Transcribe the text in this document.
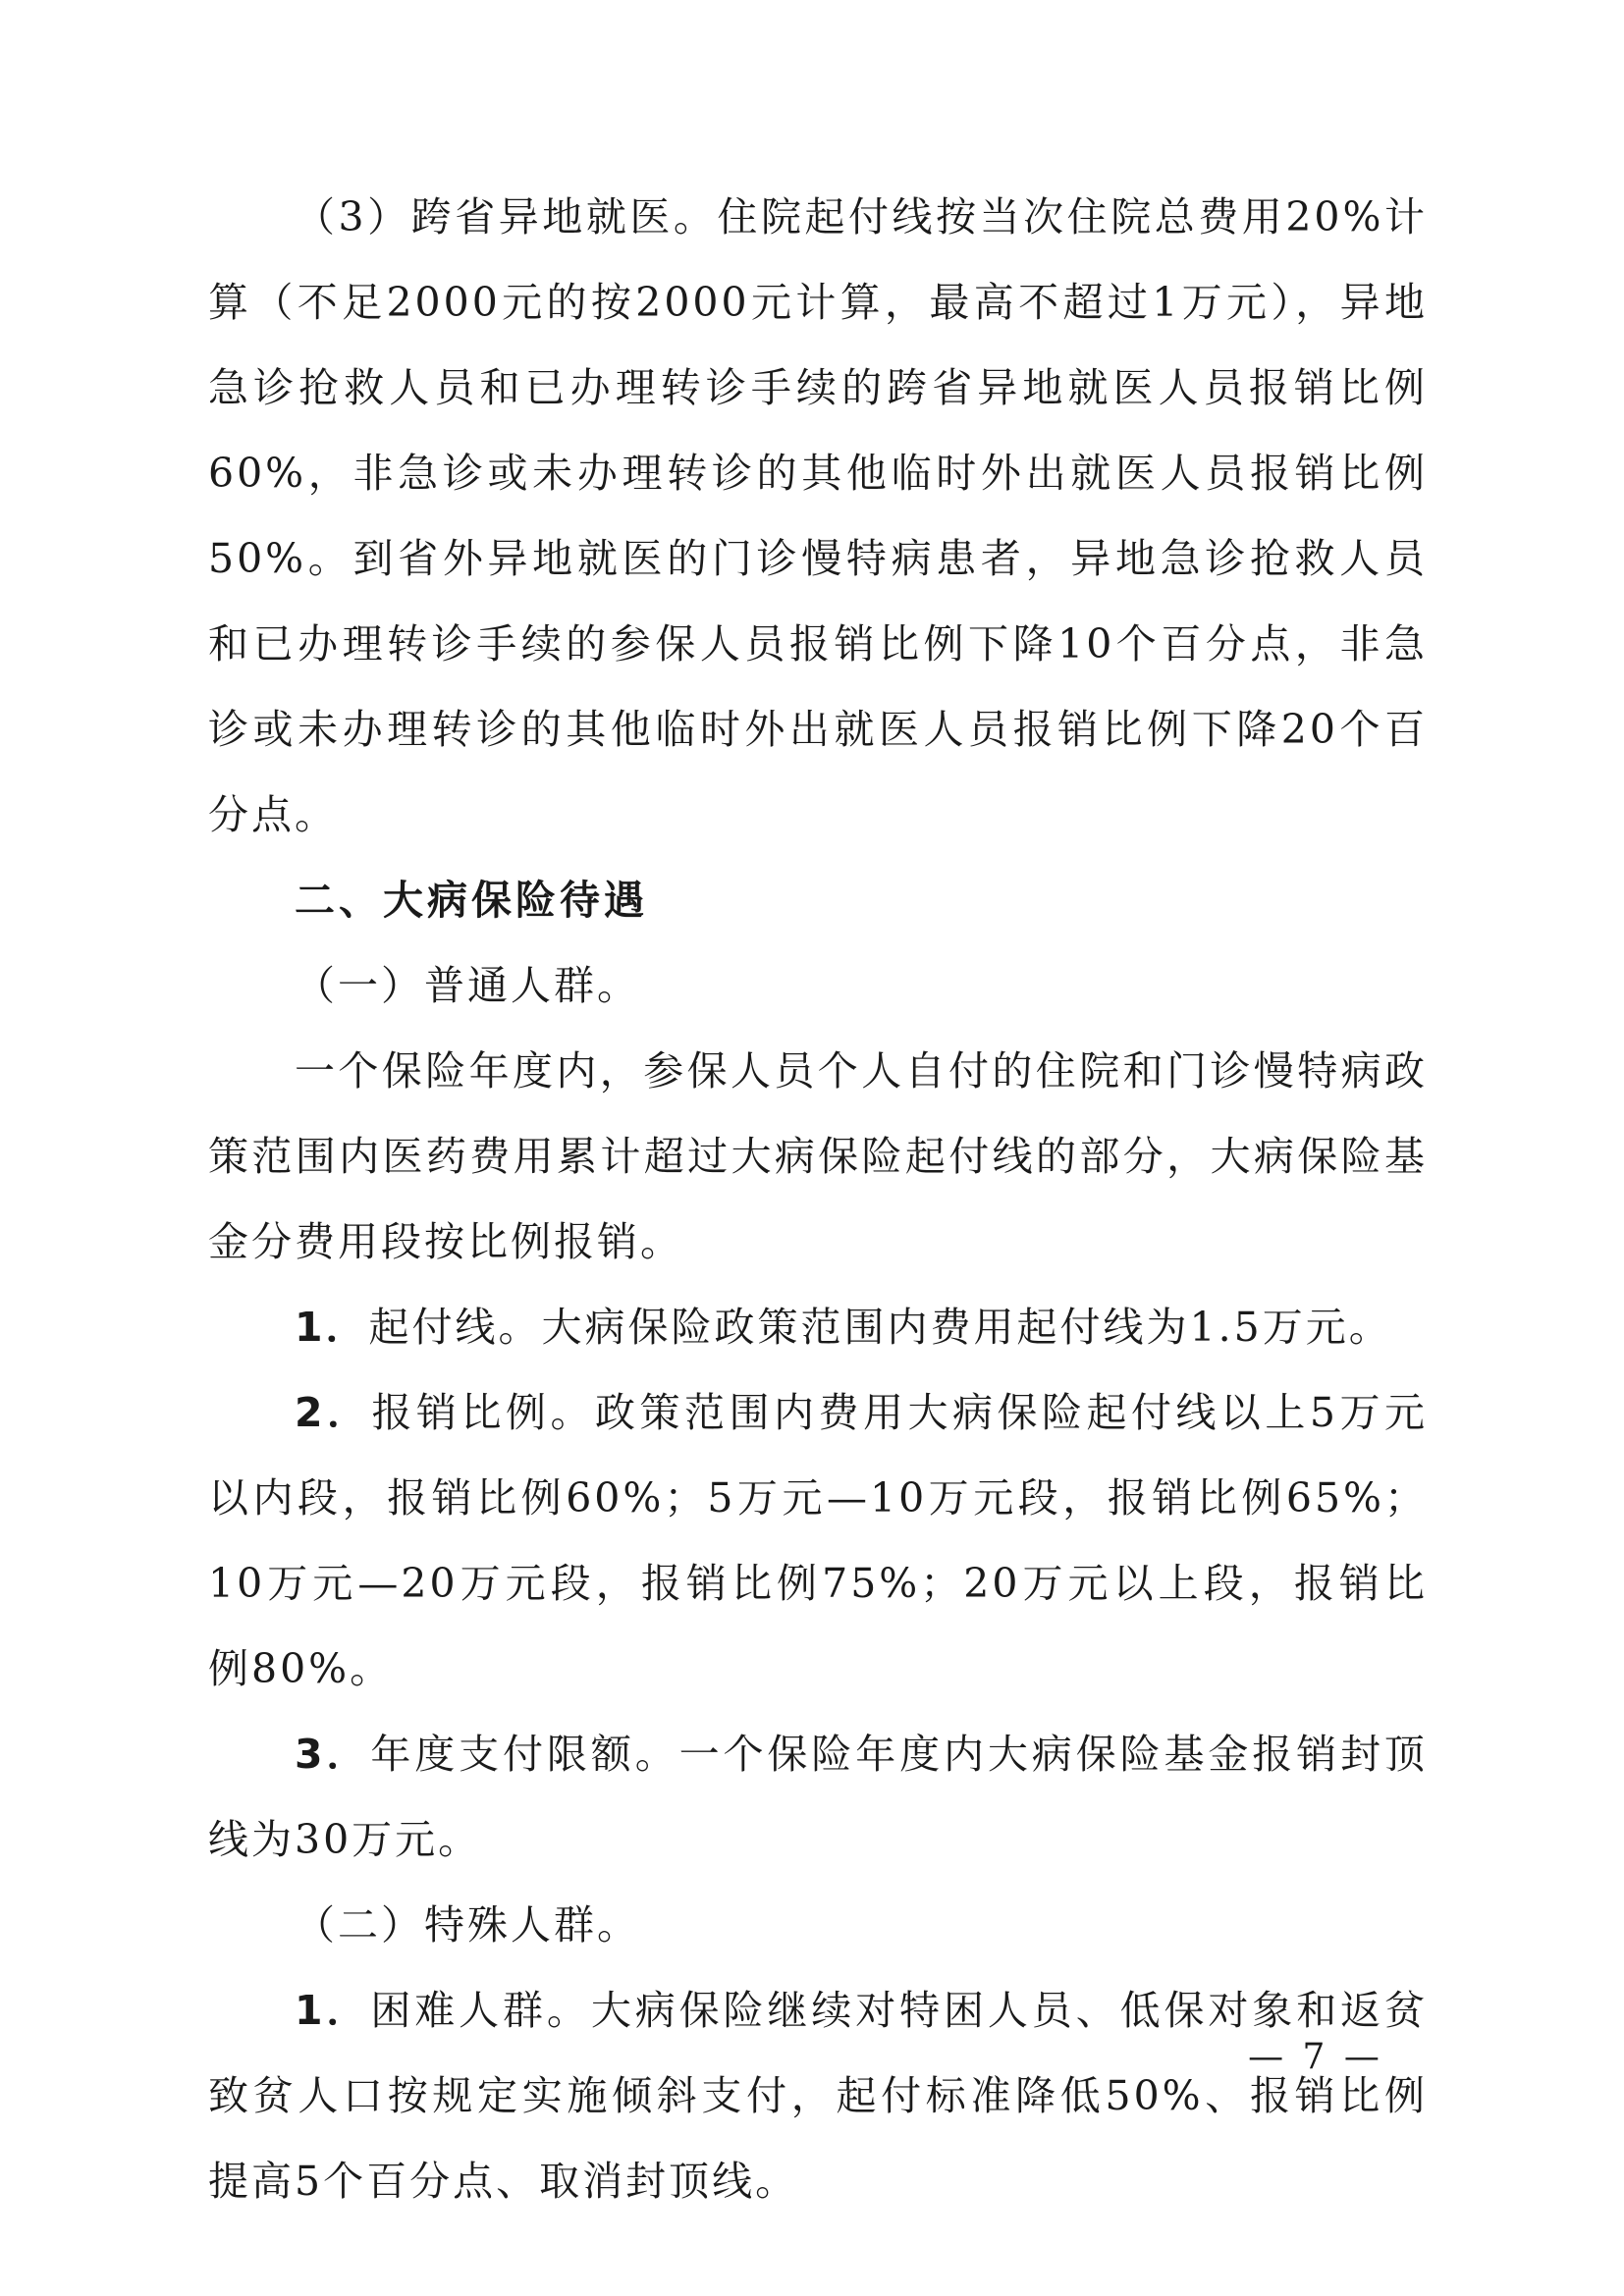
（3）跨省异地就医。住院起付线按当次住院总费用20%计算（不足2000元的按2000元计算，最高不超过1万元），异地急诊抢救人员和已办理转诊手续的跨省异地就医人员报销比例60%，非急诊或未办理转诊的其他临时外出就医人员报销比例50%。到省外异地就医的门诊慢特病患者，异地急诊抢救人员和已办理转诊手续的参保人员报销比例下降10个百分点，非急诊或未办理转诊的其他临时外出就医人员报销比例下降20个百分点。

二、大病保险待遇

（一）普通人群。

一个保险年度内，参保人员个人自付的住院和门诊慢特病政策范围内医药费用累计超过大病保险起付线的部分，大病保险基金分费用段按比例报销。

1．起付线。大病保险政策范围内费用起付线为1.5万元。

2．报销比例。政策范围内费用大病保险起付线以上5万元以内段，报销比例60%；5万元—10万元段，报销比例65%；10万元—20万元段，报销比例75%；20万元以上段，报销比例80%。

3．年度支付限额。一个保险年度内大病保险基金报销封顶线为30万元。

（二）特殊人群。

1．困难人群。大病保险继续对特困人员、低保对象和返贫致贫人口按规定实施倾斜支付，起付标准降低50%、报销比例提高5个百分点、取消封顶线。

— 7 —
